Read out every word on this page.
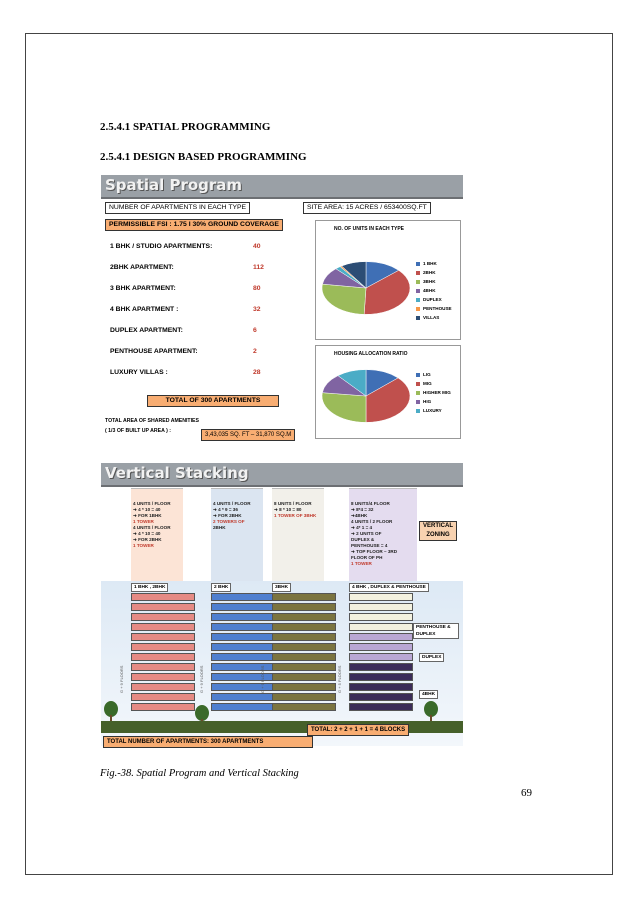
2.5.4.1 SPATIAL PROGRAMMING
2.5.4.1 DESIGN BASED PROGRAMMING
Spatial Program
NUMBER OF APARTMENTS IN EACH TYPE	SITE AREA: 15 ACRES / 653400SQ.FT
PERMISSIBLE FSI : 1.75 I 30% GROUND COVERAGE
1 BHK / STUDIO APARTMENTS:	40
2BHK APARTMENT:	112
3 BHK APARTMENT:	80
4 BHK APARTMENT :	32
DUPLEX APARTMENT:	6
PENTHOUSE APARTMENT:	2
LUXURY VILLAS :	28
TOTAL OF 300 APARTMENTS
TOTAL AREA OF SHARED AMENITIES
( 1/3 OF BUILT UP AREA ) :
3,43,035 SQ. FT – 31,870 SQ.M
NO. OF UNITS IN EACH TYPE
1 BHK
2BHK
3BHK
4BHK
DUPLEX
PENTHOUSE
VILLAS
HOUSING ALLOCATION RATIO
LIG
MIG
HIGHER MIG
HIG
LUXURY
Vertical Stacking
4 UNITS / FLOOR
➜ 4 * 10 = 40
➜ FOR 1BHK
1 TOWER
4 UNITS / FLOOR
➜ 4 * 10 = 40
➜ FOR 2BHK
1 TOWER
4 UNITS / FLOOR
➜ 4 * 9 = 36
➜ FOR 2BHK
2 TOWERS OF
2BHK
8 UNITS / FLOOR
➜ 8 * 10 = 80
1 TOWER OF 3BHK
8 UNITS/4 FLOOR
➜ 8*4 = 32
➜4BHK
4 UNITS / 2 FLOOR
➜ 4* 1 = 4
➜ 2 UNITS OF
DUPLEX &
PENTHOUSE = 4
➜ TOP FLOOR – 3RD
FLOOR OF PH
1 TOWER
VERTICAL ZONING
1 BHK , 2BHK
G + 9 FLOORS
2 BHK
G + 9 FLOORS
3BHK
G + 9 FLOORS
4 BHK , DUPLEX & PENTHOUSE
G + 5 FLOORS
PENTHOUSE & DUPLEX
DUPLEX
4BHK
TOTAL: 2 + 2 + 1 + 1 = 4 BLOCKS
TOTAL NUMBER OF APARTMENTS: 300 APARTMENTS
Fig.-38. Spatial Program and Vertical Stacking
69
